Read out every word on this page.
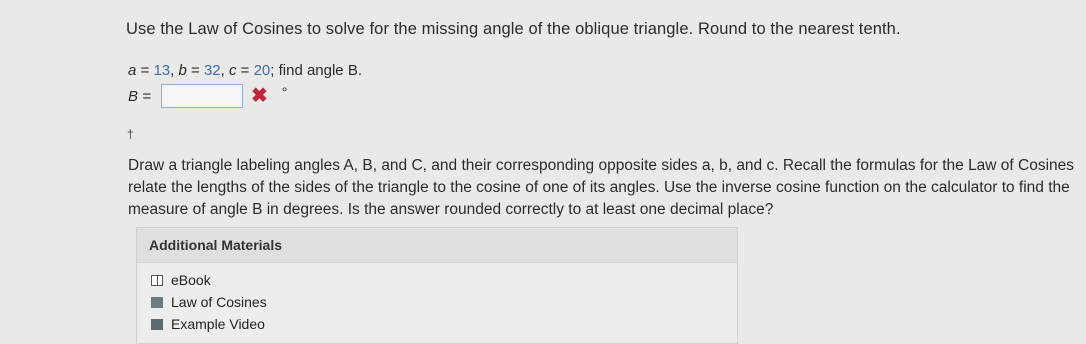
Use the Law of Cosines to solve for the missing angle of the oblique triangle. Round to the nearest tenth.
a = 13, b = 32, c = 20; find angle B.
B =	✖ °
†
Draw a triangle labeling angles A, B, and C, and their corresponding opposite sides a, b, and c. Recall the formulas for the Law of Cosines relate the lengths of the sides of the triangle to the cosine of one of its angles. Use the inverse cosine function on the calculator to find the measure of angle B in degrees. Is the answer rounded correctly to at least one decimal place?
Additional Materials
eBook
Law of Cosines
Example Video
